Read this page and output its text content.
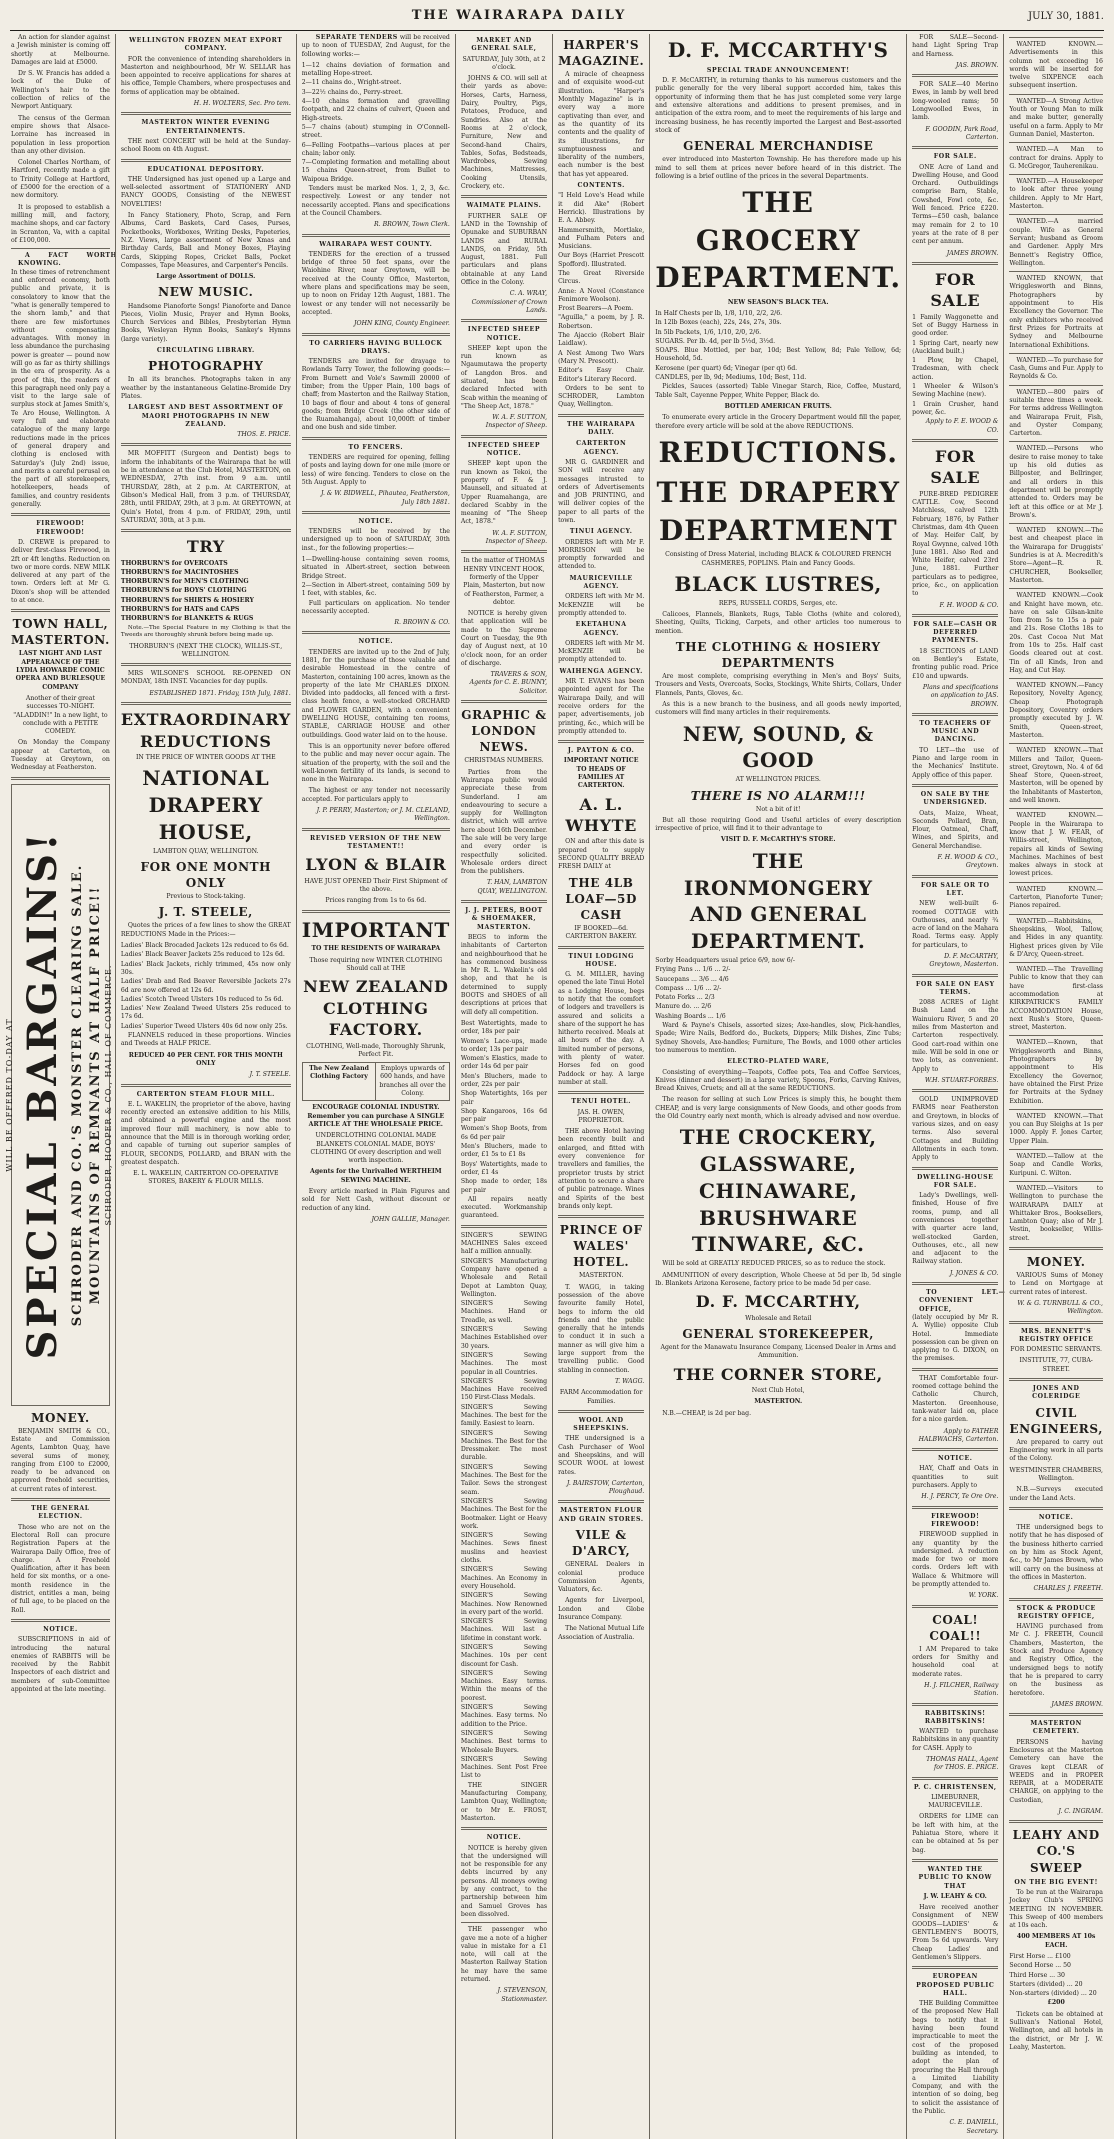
THE WAIRARAPA DAILY	JULY 30, 1881.

An action for slander against a Jewish minister is coming off shortly at Melbourne. Damages are laid at £5000.

Dr S. W. Francis has added a lock of the Duke of Wellington's hair to the collection of relics of the Newport Antiquary.

The census of the German empire shows that Alsace-Lorraine has increased in population in less proportion than any other division.

Colonel Charles Northam, of Hartford, recently made a gift to Trinity College at Hartford, of £5000 for the erection of a new dormitory.

It is proposed to establish a milling mill, and factory, machine shops, and car factory in Scranton, Va, with a capital of £100,000.

A FACT WORTH KNOWING. In these times of retrenchment and enforced economy, both public and private, it is consolatory to know that the "what is generally tempered to the shorn lamb," and that there are few misfortunes without compensating advantages. With money in less abundance the purchasing power is greater — pound now will go as far as thirty shillings in the era of prosperity. As a proof of this, the readers of this paragraph need only pay a visit to the large sale of surplus stock at James Smith's, Te Aro House, Wellington. A very full and elaborate catalogue of the many large reductions made in the prices of general drapery and clothing is enclosed with Saturday's (July 2nd) issue, and merits a careful perusal on the part of all storekeepers, hotelkeepers, heads of families, and country residents generally.

FIREWOOD! FIREWOOD!

D. CREWE is prepared to deliver first-class Firewood, in 2ft or 4ft lengths. Reduction on two or more cords. NEW MILK delivered at any part of the town. Orders left at Mr G. Dixon's shop will be attended to at once.

TOWN HALL, MASTERTON.

LAST NIGHT AND LAST APPEARANCE OF THE LYDIA HOWARDE COMIC OPERA AND BURLESQUE COMPANY

Another of their great successes TO-NIGHT. "ALADDIN!" In a new light, to conclude with a PETITE COMEDY.

On Monday the Company appear at Carterton, on Tuesday at Greytown, on Wednesday at Featherston.

WILL BE OFFERED TO-DAY AT SPECIAL BARGAINS! SCHRODER AND CO.'S MONSTER CLEARING SALE. MOUNTAINS OF REMNANTS AT HALF PRICE!! SCHRODER, HOOPER & CO., HALL OF COMMERCE.
MONEY.

BENJAMIN SMITH & CO., Estate and Commission Agents, Lambton Quay, have several sums of money, ranging from £100 to £2000, ready to be advanced on approved freehold securities, at current rates of interest.

THE GENERAL ELECTION.

Those who are not on the Electoral Roll can procure Registration Papers at the Wairarapa Daily Office, free of charge. A Freehold Qualification, after it has been held for six months, or a one-month residence in the district, entitles a man, being of full age, to be placed on the Roll.

NOTICE.

SUBSCRIPTIONS in aid of introducing the natural enemies of RABBITS will be received by the Rabbit Inspectors of each district and members of sub-Committee appointed at the late meeting.

WELLINGTON FROZEN MEAT EXPORT COMPANY.

FOR the convenience of intending shareholders in Masterton and neighbourhood, Mr W. SELLAR has been appointed to receive applications for shares at his office, Temple Chambers, where prospectuses and forms of application may be obtained.

H. H. WOLTERS, Sec. Pro tem.

MASTERTON WINTER EVENING ENTERTAINMENTS.

THE next CONCERT will be held at the Sunday-school Room on 4th August.

EDUCATIONAL DEPOSITORY.

THE Undersigned has just opened up a Large and well-selected assortment of STATIONERY AND FANCY GOODS, Consisting of the NEWEST NOVELTIES!

In Fancy Stationery, Photo, Scrap, and Fern Albums, Card Baskets, Card Cases, Purses, Pocketbooks, Workboxes, Writing Desks, Papeteries, N.Z. Views, large assortment of New Xmas and Birthday Cards, Ball and Money Boxes, Playing Cards, Skipping Ropes, Cricket Balls, Pocket Compasses, Tape Measures, and Carpenter's Pencils.

Large Assortment of DOLLS.

NEW MUSIC.

Handsome Pianoforte Songs! Pianoforte and Dance Pieces, Violin Music, Prayer and Hymn Books, Church Services and Bibles, Presbyterian Hymn Books, Wesleyan Hymn Books, Sankey's Hymns (large variety).

CIRCULATING LIBRARY.
PHOTOGRAPHY

In all its branches. Photographs taken in any weather by the instantaneous Gelatine-Bromide Dry Plates.

LARGEST AND BEST ASSORTMENT OF MAORI PHOTOGRAPHS IN NEW ZEALAND.

THOS. E. PRICE.

MR MOFFITT (Surgeon and Dentist) begs to inform the inhabitants of the Wairarapa that he will be in attendance at the Club Hotel, MASTERTON, on WEDNESDAY, 27th inst. from 9 a.m. until THURSDAY, 28th, at 2 p.m. At CARTERTON, at Gibson's Medical Hall, from 3 p.m. of THURSDAY, 28th, until FRIDAY, 29th, at 3 p.m. At GREYTOWN, at Quin's Hotel, from 4 p.m. of FRIDAY, 29th, until SATURDAY, 30th, at 3 p.m.

TRY
THORBURN'S for OVERCOATS
THORBURN'S for MACINTOSHES
THORBURN'S for MEN'S CLOTHING
THORBURN'S for BOYS' CLOTHING
THORBURN'S for SHIRTS & HOSIERY
THORBURN'S for HATS and CAPS
THORBURN'S for BLANKETS & RUGS

Note.—The Special Feature in my Clothing is that the Tweeds are thoroughly shrunk before being made up.

THORBURN'S (NEXT THE CLOCK), WILLIS-ST., WELLINGTON.

MRS WILSONE'S SCHOOL RE-OPENED ON MONDAY, 18th INST. Vacancies for day pupils.

ESTABLISHED 1871. Friday, 15th July, 1881.

EXTRAORDINARY REDUCTIONS

IN THE PRICE OF WINTER GOODS AT THE

NATIONAL DRAPERY HOUSE,

LAMBTON QUAY, WELLINGTON.

FOR ONE MONTH ONLY

Previous to Stock-taking.

J. T. STEELE,

Quotes the prices of a few lines to show the GREAT REDUCTIONS Made in the Prices:—

Ladies' Black Brocaded Jackets 12s reduced to 6s 6d.
Ladies' Black Beaver Jackets 25s reduced to 12s 6d.
Ladies' Black Jackets, richly trimmed, 45s now only 30s.
Ladies' Drab and Red Beaver Reversible Jackets 27s 6d are now offered at 12s 6d.
Ladies' Scotch Tweed Ulsters 10s reduced to 5s 6d.
Ladies' New Zealand Tweed Ulsters 25s reduced to 17s 6d.
Ladies' Superior Tweed Ulsters 40s 6d now only 25s.

FLANNELS reduced in these proportions. Wincies and Tweeds at HALF PRICE.

REDUCED 40 PER CENT. FOR THIS MONTH ONLY

J. T. STEELE.

CARTERTON STEAM FLOUR MILL.

E. L. WAKELIN, the proprietor of the above, having recently erected an extensive addition to his Mills, and obtained a powerful engine and the most improved flour mill machinery, is now able to announce that the Mill is in thorough working order, and capable of turning out superior samples of FLOUR, SECONDS, POLLARD, and BRAN with the greatest despatch.

E. L. WAKELIN, CARTERTON CO-OPERATIVE STORES, BAKERY & FLOUR MILLS.

SEPARATE TENDERS will be received up to noon of TUESDAY, 2nd August, for the following works:—

1—12 chains deviation of formation and metalling Hope-street.
2—11 chains do., Wright-street.
3—22½ chains do., Perry-street.
4—10 chains formation and gravelling footpath, and 22 chains of culvert, Queen and High-streets.
5—7 chains (about) stumping in O'Connell-street.
6—Felling Footpaths—various places at per chain; labor only.
7—Completing formation and metalling about 15 chains Queen-street, from Bullet to Waipoua Bridge.

Tenders must be marked Nos. 1, 2, 3, &c. respectively. Lowest or any tender not necessarily accepted. Plans and specifications at the Council Chambers.

R. BROWN, Town Clerk.

WAIRARAPA WEST COUNTY.

TENDERS for the erection of a trussed bridge of three 50 feet spans, over the Waiohine River, near Greytown, will be received at the County Office, Masterton, where plans and specifications may be seen, up to noon on Friday 12th August, 1881. The lowest or any tender will not necessarily be accepted.

JOHN KING, County Engineer.

TO CARRIERS HAVING BULLOCK DRAYS.

TENDERS are invited for drayage to Rowlands Tarry Tower, the following goods:— From Burnett and Vole's Sawmill 20000 of timber; from the Upper Plain, 100 bags of chaff; from Masterton and the Railway Station, 10 bags of flour and about 4 tons of general goods; from Bridge Creek (the other side of the Ruamahanga), about 10,000ft of timber and one bush and side timber.

TO FENCERS.

TENDERS are required for opening, felling of posts and laying down for one mile (more or less) of wire fencing. Tenders to close on the 5th August. Apply to

J. & W. BIDWELL, Pihautea, Featherston, July 18th 1881.

NOTICE.

TENDERS will be received by the undersigned up to noon of SATURDAY, 30th inst., for the following properties:—

1—Dwelling-house containing seven rooms, situated in Albert-street, section between Bridge Street.
2—Section in Albert-street, containing 509 by 1 feet, with stables, &c.

Full particulars on application. No tender necessarily accepted.

R. BROWN & CO.

NOTICE.

TENDERS are invited up to the 2nd of July, 1881, for the purchase of those valuable and desirable Homestead in the centre of Masterton, containing 100 acres, known as the property of the late Mr CHARLES DIXON. Divided into paddocks, all fenced with a first-class heath fence, a well-stocked ORCHARD and FLOWER GARDEN, with a convenient DWELLING HOUSE, containing ten rooms, STABLE, CARRIAGE HOUSE and other outbuildings. Good water laid on to the house.

This is an opportunity never before offered to the public and may never occur again. The situation of the property, with the soil and the well-known fertility of its lands, is second to none in the Wairarapa.

The highest or any tender not necessarily accepted. For particulars apply to

J. P. PERRY, Masterton; or J. M. CLELAND, Wellington.

REVISED VERSION OF THE NEW TESTAMENT!!
LYON & BLAIR

HAVE JUST OPENED Their First Shipment of the above.

Prices ranging from 1s to 6s 6d.

IMPORTANT

TO THE RESIDENTS OF WAIRARAPA

Those requiring new WINTER CLOTHING Should call at THE

NEW ZEALAND CLOTHING FACTORY.

CLOTHING, Well-made, Thoroughly Shrunk, Perfect Fit.

The New Zealand Clothing Factory
Employs upwards of 600 hands, and have branches all over the Colony.

ENCOURAGE COLONIAL INDUSTRY. Remember you can purchase A SINGLE ARTICLE AT THE WHOLESALE PRICE.

UNDERCLOTHING COLONIAL MADE BLANKETS COLONIAL MADE, BOYS' CLOTHING Of every description and well worth inspection.

Agents for the Unrivalled WERTHEIM SEWING MACHINE.

Every article marked in Plain Figures and sold for Nett Cash, without discount or reduction of any kind.

JOHN GALLIE, Manager.

MARKET AND GENERAL SALE,

SATURDAY, July 30th, at 2 o'clock.

JOHNS & CO. will sell at their yards as above: Horses, Carts, Harness, Dairy, Poultry, Pigs, Potatoes, Produce, and Sundries. Also at the Rooms at 2 o'clock, Furniture, New and Second-hand Chairs, Tables, Sofas, Bedsteads, Wardrobes, Sewing Machines, Mattresses, Cooking Utensils, Crockery, etc.

WAIMATE PLAINS.

FURTHER SALE OF LAND in the Township of Opunake and SUBURBAN LANDS and RURAL LANDS, on Friday, 5th August, 1881. Full particulars and plans obtainable at any Land Office in the Colony.

C. A. WRAY, Commissioner of Crown Lands.

INFECTED SHEEP NOTICE.

SHEEP kept upon the run known as Ngaumutawa the property of Langdon Bros. and situated, has been declared Infected with Scab within the meaning of "The Sheep Act, 1878."

W. A. F. SUTTON, Inspector of Sheep.

INFECTED SHEEP NOTICE.

SHEEP kept upon the run known as Tekoi, the property of F. & J. Maunsell, and situated at Upper Ruamahanga, are declared Scabby in the meaning of "The Sheep Act, 1878."

W. A. F. SUTTON, Inspector of Sheep.

In the matter of THOMAS HENRY VINCENT HOOK, formerly of the Upper Plain, Masterton, but now of Featherston, Farmer, a debtor.

NOTICE is hereby given that application will be made to the Supreme Court on Tuesday, the 9th day of August next, at 10 o'clock noon, for an order of discharge.

TRAVERS & SON, Agents for C. E. BUNNY, Solicitor.

GRAPHIC & LONDON NEWS.

CHRISTMAS NUMBERS.

Parties from the Wairarapa public would appreciate these from Sunderland. I am endeavouring to secure a supply for Wellington district, which will arrive here about 16th December. The sale will be very large and every order is respectfully solicited. Wholesale orders direct from the publishers.

T. HAN, LAMBTON QUAY, WELLINGTON.

J. J. PETERS, BOOT & SHOEMAKER, MASTERTON.

BEGS to inform the inhabitants of Carterton and neighbourhood that he has commenced business in Mr R. L. Wakelin's old shop, and that he is determined to supply BOOTS and SHOES of all descriptions at prices that will defy all competition.

Best Watertights, made to order, 18s per pair
Women's Lace-ups, made to order, 13s per pair
Women's Elastics, made to order 14s 6d per pair
Men's Bluchers, made to order, 22s per pair
Shop Watertights, 16s per pair
Shop Kangaroos, 16s 6d per pair
Women's Shop Boots, from 6s 6d per pair
Men's Bluchers, made to order, £1 5s to £1 8s
Boys' Watertights, made to order, £1 4s
Shop made to order, 18s per pair

All repairs neatly executed. Workmanship guaranteed.

SINGER'S SEWING MACHINES Sales exceed half a million annually.
SINGER'S Manufacturing Company have opened a Wholesale and Retail Depot at Lambton Quay, Wellington.
SINGER'S Sewing Machines. Hand or Treadle, as well.
SINGER'S Sewing Machines Established over 30 years.
SINGER'S Sewing Machines. The most popular in all Countries.
SINGER'S Sewing Machines Have received 150 First-Class Medals.
SINGER'S Sewing Machines. The best for the family. Easiest to learn.
SINGER'S Sewing Machines. The Best for the Dressmaker. The most durable.
SINGER'S Sewing Machines. The Best for the Tailor. Sews the strongest seam.
SINGER'S Sewing Machines. The Best for the Bootmaker. Light or Heavy work.
SINGER'S Sewing Machines. Sews finest muslins and heaviest cloths.
SINGER'S Sewing Machines. An Economy in every Household.
SINGER'S Sewing Machines. Now Renowned in every part of the world.
SINGER'S Sewing Machines. Will last a lifetime in constant work.
SINGER'S Sewing Machines. 10s per cent discount for Cash.
SINGER'S Sewing Machines. Easy terms. Within the means of the poorest.
SINGER'S Sewing Machines. Easy terms. No addition to the Price.
SINGER'S Sewing Machines. Best terms to Wholesale Buyers.
SINGER'S Sewing Machines. Sent Post Free List to

THE SINGER Manufacturing Company, Lambton Quay, Wellington; or to Mr E. FROST, Masterton.

NOTICE.

NOTICE is hereby given that the undersigned will not be responsible for any debts incurred by any persons. All moneys owing by any contract, to the partnership between him and Samuel Groves has been dissolved.

THE passenger who gave me a note of a higher value in mistake for a £1 note, will call at the Masterton Railway Station he may have the same returned.

J. STEVENSON, Stationmaster.

HARPER'S MAGAZINE.

A miracle of cheapness and of exquisite wood-cut illustration. "Harper's Monthly Magazine" is in every way a more captivating than ever, and as the quantity of its contents and the quality of its illustrations, for sumptuousness and liberality of the numbers, each number is the best that has yet appeared.

CONTENTS.
"I Held Love's Head while it did Ake" (Robert Herrick). Illustrations by E. A. Abbey.
Hammersmith, Mortlake, and Fulham Peters and Musicians.
Our Boys (Harriet Prescott Spofford). Illustrated.
The Great Riverside Circus.
Anne: A Novel (Constance Fenimore Woolson).
Frost Bearers—A Poem.
"Aguilla," a poem, by J. R. Robertson.
The Ajaccio (Robert Blair Laidlaw).
A Nest Among Two Wars (Mary N. Prescott).
Editor's Easy Chair. Editor's Literary Record.

Orders to be sent to SCHRODER, Lambton Quay, Wellington.

THE WAIRARAPA DAILY.
CARTERTON AGENCY.

MR G. GARDINER and SON will receive any messages intrusted to orders of Advertisements and JOB PRINTING, and will deliver copies of the paper to all parts of the town.

TINUI AGENCY.

ORDERS left with Mr F. MORRISON will be promptly forwarded and attended to.

MAURICEVILLE AGENCY.

ORDERS left with Mr M. McKENZIE will be promptly attended to.

EKETAHUNA AGENCY.

ORDERS left with Mr M. McKENZIE will be promptly attended to.

WAIHENGA AGENCY.

MR T. EVANS has been appointed agent for The Wairarapa Daily, and will receive orders for the paper, advertisements, job printing, &c., which will be promptly attended to.

J. PAYTON & CO.

IMPORTANT NOTICE TO HEADS OF FAMILIES AT CARTERTON.

A. L. WHYTE

ON and after this date is prepared to supply SECOND QUALITY BREAD FRESH DAILY at

THE 4LB LOAF—5D CASH

IF BOOKED—6d. CARTERTON BAKERY.

TINUI LODGING HOUSE.

G. M. MILLER, having opened the late Tinui Hotel as a Lodging House, begs to notify that the comfort of lodgers and travellers is assured and solicits a share of the support he has hitherto received. Meals at all hours of the day. A limited number of persons, with plenty of water. Horses fed on good Paddock or hay. A large number at stall.

TENUI HOTEL.

JAS. H. OWEN, PROPRIETOR.

THE above Hotel having been recently built and enlarged, and fitted with every convenience for travellers and families, the proprietor trusts by strict attention to secure a share of public patronage. Wines and Spirits of the best brands only kept.

PRINCE OF WALES' HOTEL.

MASTERTON.

T. WAGG, in taking possession of the above favourite family Hotel, begs to inform the old friends and the public generally that he intends to conduct it in such a manner as will give him a large support from the travelling public. Good stabling in connection.

T. WAGG.

FARM Accommodation for Families.

WOOL AND SHEEPSKINS.

THE undersigned is a Cash Purchaser of Wool and Sheepskins, and will SCOUR WOOL at lowest rates.

J. BAIRSTOW, Carterton, Ploughaud.

MASTERTON FLOUR AND GRAIN STORES.
VILE & D'ARCY,

GENERAL Dealers in colonial produce Commission Agents, Valuators, &c.

Agents for Liverpool, London and Globe Insurance Company.

The National Mutual Life Association of Australia.

D. F. MCCARTHY'S
SPECIAL TRADE ANNOUNCEMENT!

D. F. McCARTHY, in returning thanks to his numerous customers and the public generally for the very liberal support accorded him, takes this opportunity of informing them that he has just completed some very large and extensive alterations and additions to present premises, and in anticipation of the extra room, and to meet the requirements of his large and increasing business, he has recently imported the Largest and Best-assorted stock of

GENERAL MERCHANDISE

ever introduced into Masterton Township. He has therefore made up his mind to sell them at prices never before heard of in this district. The following is a brief outline of the prices in the several Departments.

THE GROCERY DEPARTMENT.

NEW SEASON'S BLACK TEA.

In Half Chests per lb, 1/8, 1/10, 2/2, 2/6.
In 12lb Boxes (each), 22s, 24s, 27s, 30s.
In 5lb Packets, 1/6, 1/10, 2/0, 2/6.
SUGARS. Per lb. 4d, per lb 5½d, 3½d.
SOAPS. Blue Mottled, per bar, 10d; Best Yellow, 8d; Pale Yellow, 6d; Household, 5d.
Kerosene (per quart) 6d; Vinegar (per qt) 6d.
CANDLES, per lb, 9d; Mediums, 10d; Best, 11d.

Pickles, Sauces (assorted) Table Vinegar Starch, Rice, Coffee, Mustard, Table Salt, Cayenne Pepper, White Pepper, Black do.

BOTTLED AMERICAN FRUITS.

To enumerate every article in the Grocery Department would fill the paper, therefore every article will be sold at the above REDUCTIONS.

REDUCTIONS.
THE DRAPERY DEPARTMENT

Consisting of Dress Material, including BLACK & COLOURED FRENCH CASHMERES, POPLINS. Plain and Fancy Goods.

BLACK LUSTRES,

REPS, RUSSELL CORDS, Serges, etc.

Calicoes, Flannels, Blankets, Rugs, Table Cloths (white and colored), Sheeting, Quilts, Ticking, Carpets, and other articles too numerous to mention.

THE CLOTHING & HOSIERY DEPARTMENTS

Are most complete, comprising everything in Men's and Boys' Suits, Trousers and Vests, Overcoats, Socks, Stockings, White Shirts, Collars, Under Flannels, Pants, Gloves, &c.

As this is a new branch to the business, and all goods newly imported, customers will find many articles in their requirements.

NEW, SOUND, & GOOD

AT WELLINGTON PRICES.

THERE IS NO ALARM!!!

Not a bit of it!

But all those requiring Good and Useful articles of every description irrespective of price, will find it to their advantage to

VISIT D. F. McCARTHY'S STORE.

THE IRONMONGERY AND GENERAL DEPARTMENT.
Sorby Headquarters usual price 6/9, now 6/-
Frying Pans ... 1/6 ... 2/-
Saucepans ... 3/6 ... 4/6
Compass ... 1/6 ... 2/-
Potato Forks ... 2/3
Manure do. ... 2/6
Washing Boards ... 1/6

Ward & Payne's Chisels, assorted sizes; Axe-handles, slow, Pick-handles, Spade; Wire Nails, Bedford do., Buckets, Dippers; Milk Dishes, Zinc Tubs; Sydney Shovels, Axe-handles; Furniture, The Bowls, and 1000 other articles too numerous to mention.

ELECTRO-PLATED WARE,

Consisting of everything—Teapots, Coffee pots, Tea and Coffee Services, Knives (dinner and dessert) in a large variety, Spoons, Forks, Carving Knives, Bread Knives, Cruets; and all at the same REDUCTIONS.

The reason for selling at such Low Prices is simply this, he bought them CHEAP, and is very large consignments of New Goods, and other goods from the Old Country early next month, which is already advised and now overdue.

THE CROCKERY, GLASSWARE, CHINAWARE, BRUSHWARE TINWARE, &C.

Will be sold at GREATLY REDUCED PRICES, so as to reduce the stock.

AMMUNITION of every description, Whole Cheese at 5d per lb, 5d single lb. Blankets Arizona Kerosene, factory price to be made 5d per case.

D. F. MCCARTHY,

Wholesale and Retail

GENERAL STOREKEEPER,

Agent for the Manawatu Insurance Company, Licensed Dealer in Arms and Ammunition.

THE CORNER STORE,

Next Club Hotel,

MASTERTON.

N.B.—CHEAP, is 2d per bag.

FOR SALE—Second-hand Light Spring Trap and Harness.

JAS. BROWN.

FOR SALE—40 Merino Ewes, in lamb by well bred long-wooled rams; 50 Longwoolled Ewes, in lamb.

F. GOODIN, Park Road, Carterton.

FOR SALE.

ONE Acre of Land and Dwelling House, and Good Orchard. Outbuildings comprise Barn, Stable, Cowshed, Fowl cote, &c. Well fenced. Price £220. Terms—£50 cash, balance may remain for 2 to 10 years at the rate of 8 per cent per annum.

JAMES BROWN.

FOR SALE
1 Family Waggonette and Set of Buggy Harness in good order.
1 Spring Cart, nearly new (Auckland built.)
1 Plow, by Chapel, Tradesman, with check action.
1 Wheeler & Wilson's Sewing Machine (new).
1 Grain Crusher, hand power, &c.

Apply to F. E. WOOD & CO.

FOR SALE

PURE-BRED PEDIGREE CATTLE. Cow, Second Matchless, calved 12th February, 1876, by Father Christmas, dam 4th Queen of May. Heifer Calf, by Royal Gwynne, calved 10th June 1881. Also Red and White Heifer, calved 23rd June, 1881. Further particulars as to pedigree, price, &c., on application to

F. H. WOOD & CO.

FOR SALE—CASH OR DEFERRED PAYMENTS.

18 SECTIONS of LAND on Bentley's Estate, fronting public road. Price £10 and upwards.

Plans and specifications on application to JAS. BROWN.

TO TEACHERS OF MUSIC AND DANCING.

TO LET—the use of Piano and large room in the Mechanics' Institute. Apply office of this paper.

ON SALE BY THE UNDERSIGNED.

Oats, Maize, Wheat, Seconds Pollard, Bran, Flour, Oatmeal, Chaff, Wines, and Spirits, and General Merchandise.

F. H. WOOD & CO., Greytown.

FOR SALE OR TO LET.

NEW well-built 6-roomed COTTAGE with Outhouses, and nearly ¾ acre of land on the Mahara Road. Terms easy. Apply for particulars, to

D. F. McCARTHY, Greytown, Masterton.

FOR SALE ON EASY TERMS.

2088 ACRES of Light Bush Land on the Wainuioru River, 5 and 20 miles from Masterton and Carterton respectively. Good cart-road within one mile. Will be sold in one or two lots, as convenient. Apply to

W.H. STUART-FORBES.

GOLD UNIMPROVED FARMS near Featherston and Greytown, in blocks of various sizes, and on easy terms. Also several Cottages and Building Allotments in each town. Apply to

DWELLING-HOUSE FOR SALE.

Lady's Dwellings, well-finished, House of five rooms, pump, and all conveniences together with quarter acre land, well-stocked Garden, Outhouses, etc., all new and adjacent to the Railway station.

J. JONES & CO.

TO LET.—CONVENIENT OFFICE, (lately occupied by Mr R. A. Wyllie) opposite Club Hotel. Immediate possession can be given on applying to G. DIXON, on the premises.

THAT Comfortable four-roomed cottage behind the Catholic Church, Masterton. Greenhouse, tank-water laid on, place for a nice garden.

Apply to FATHER HALBWACHS, Carterton.

NOTICE.

HAY, Chaff and Oats in quantities to suit purchasers. Apply to

H. J. PERCY, Te Ore Ore.

FIREWOOD! FIREWOOD!

FIREWOOD supplied in any quantity by the undersigned. A reduction made for two or more cords. Orders left with Wallace & Whitmore will be promptly attended to.

W. YORK.

COAL! COAL!!

I AM Prepared to take orders for Smithy and household coal at moderate rates.

H. J. FILCHER, Railway Station.

RABBITSKINS! RABBITSKINS!

WANTED to purchase Rabbitskins in any quantity for CASH. Apply to

THOMAS HALL, Agent for THOS. E. PRICE.

P. C. CHRISTENSEN,

LIMEBURNER, MAURICEVILLE.

ORDERS for LIME can be left with him, at the Pahiatua Store, where it can be obtained at 5s per bag.

WANTED THE PUBLIC TO KNOW THAT

J. W. LEAHY & CO.

Have received another Consignment of NEW GOODS—LADIES' & GENTLEMEN'S BOOTS, From 5s 6d upwards. Very Cheap Ladies' and Gentlemen's Slippers.

EUROPEAN PROPOSED PUBLIC HALL.

THE Building Committee of the proposed New Hall begs to notify that it having been found impracticable to meet the cost of the proposed building as intended, to adopt the plan of procuring the Hall through a Limited Liability Company, and with the intention of so doing, beg to solicit the assistance of the Public.

C. E. DANIELL, Secretary.

WANTED KNOWN.—Advertisements in this column not exceeding 16 words will be inserted for twelve SIXPENCE each subsequent insertion.

WANTED—A Strong Active Youth or Young Man to milk and make butter, generally useful on a farm. Apply to Mr Gunnan Daniel, Masterton.

WANTED.—A Man to contract for drains. Apply to G. McGregor, Tauherenikau.

WANTED.—A Housekeeper to look after three young children. Apply to Mr Hart, Masterton.

WANTED.—A married couple. Wife as General Servant; husband as Groom and Gardener. Apply Mrs Bennett's Registry Office, Wellington.

WANTED KNOWN, that Wrigglesworth and Binns, Photographers by appointment to His Excellency the Governor. The only exhibitors who received first Prizes for Portraits at Sydney and Melbourne International Exhibitions.

WANTED.—To purchase for Cash, Gums and Fur. Apply to Reynolds & Co.

WANTED.—800 pairs of suitable three times a week. For terms address Wellington and Wairarapa Fruit, Fish, and Oyster Company, Carterton.

WANTED.—Persons who desire to raise money to take up his old duties as Billposter, and Bellringer, and all orders in this department will be promptly attended to. Orders may be left at this office or at Mr J. Brown's.

WANTED KNOWN.—The best and cheapest place in the Wairarapa for Druggists' Sundries is at A. Mecredith's Store—Agent—R. R. CHURCHER, Bookseller, Masterton.

WANTED KNOWN.—Cook and Knight have mown, etc. have on sale Gilsan-knite Tom from 5s to 15s a pair and 21s. Rose Cloths 18s to 20s. Cast Cocoa Nut Mat from 10s to 25s. Half cast Goods cleared out at cost. Tin of all Kinds, Iron and Hay, and Cut Hay.

WANTED KNOWN.—Fancy Repository, Novelty Agency, Cheap Photograph Depository, Coventry orders promptly executed by J. W. Smith, Queen-street, Masterton.

WANTED KNOWN.—That Millers and Tailor, Queen-street, Greytown, No. 4 of 6d Sheaf Store, Queen-street, Masterton, will be opened by the Inhabitants of Masterton, and well known.

WANTED KNOWN.—People in the Wairarapa to know that J. W. FEAR, of Willis-street, Wellington, repairs all kinds of Sewing Machines. Machines of best makes always in stock at lowest prices.

WANTED KNOWN.—Carterton, Pianoforte Tuner; Pianos repaired.

WANTED.—Rabbitskins, Sheepskins, Wool, Tallow, and Hides in any quantity. Highest prices given by Vile & D'Arcy, Queen-street.

WANTED.—The Travelling Public to know that they can have first-class accommodation at KIRKPATRICK'S FAMILY ACCOMMODATION House, next Rush's Store, Queen-street, Masterton.

WANTED.—Known, that Wrigglesworth and Binns, Photographers by appointment to His Excellency the Governor, have obtained the First Prize for Portraits at the Sydney Exhibition.

WANTED KNOWN.—That you can Buy Sleighs at 1s per 1000. Apply F. Jones Carter, Upper Plain.

WANTED.—Tallow at the Soap and Candle Works, Kuripuni. C. Wilton.

WANTED.—Visitors to Wellington to purchase the WAIRARAPA DAILY at Whittaker Bros., Booksellers, Lambton Quay; also of Mr J. Vestin, bookseller, Willis-street.

MONEY.

VARIOUS Sums of Money to Lend on Mortgage at current rates of interest.

W. & G. TURNBULL & CO., Wellington.

MRS. BENNETT'S REGISTRY OFFICE

FOR DOMESTIC SERVANTS.

INSTITUTE, 77, CUBA-STREET.

JONES AND COLERIDGE
CIVIL ENGINEERS,

Are prepared to carry out Engineering work in all parts of the Colony.

WESTMINSTER CHAMBERS, Wellington.

N.B.—Surveys executed under the Land Acts.

NOTICE.

THE undersigned begs to notify that he has disposed of the business hitherto carried on by him as Stock Agent, &c., to Mr James Brown, who will carry on the business at the offices in Masterton.

CHARLES J. FREETH.

STOCK & PRODUCE REGISTRY OFFICE,

HAVING purchased from Mr C. J. FREETH, Council Chambers, Masterton, the Stock and Produce Agency and Registry Office, the undersigned begs to notify that he is prepared to carry on the business as heretofore.

JAMES BROWN.

MASTERTON CEMETERY.

PERSONS having Enclosures at the Masterton Cemetery can have the Graves kept CLEAR of WEEDS and in PROPER REPAIR, at a MODERATE CHARGE, on applying to the Custodian,

J. C. INGRAM.

LEAHY AND CO.'S SWEEP
ON THE BIG EVENT!

To be run at the Wairarapa Jockey Club's SPRING MEETING IN NOVEMBER. This Sweep of 400 members at 10s each.

400 MEMBERS AT 10s EACH.

First Horse ... £100
Second Horse ... 50
Third Horse ... 30
Starters (divided) ... 20
Non-starters (divided) ... 20

£200

Tickets can be obtained at Sullivan's National Hotel, Wellington, and all hotels in the district, or Mr J. W. Leahy, Masterton.
